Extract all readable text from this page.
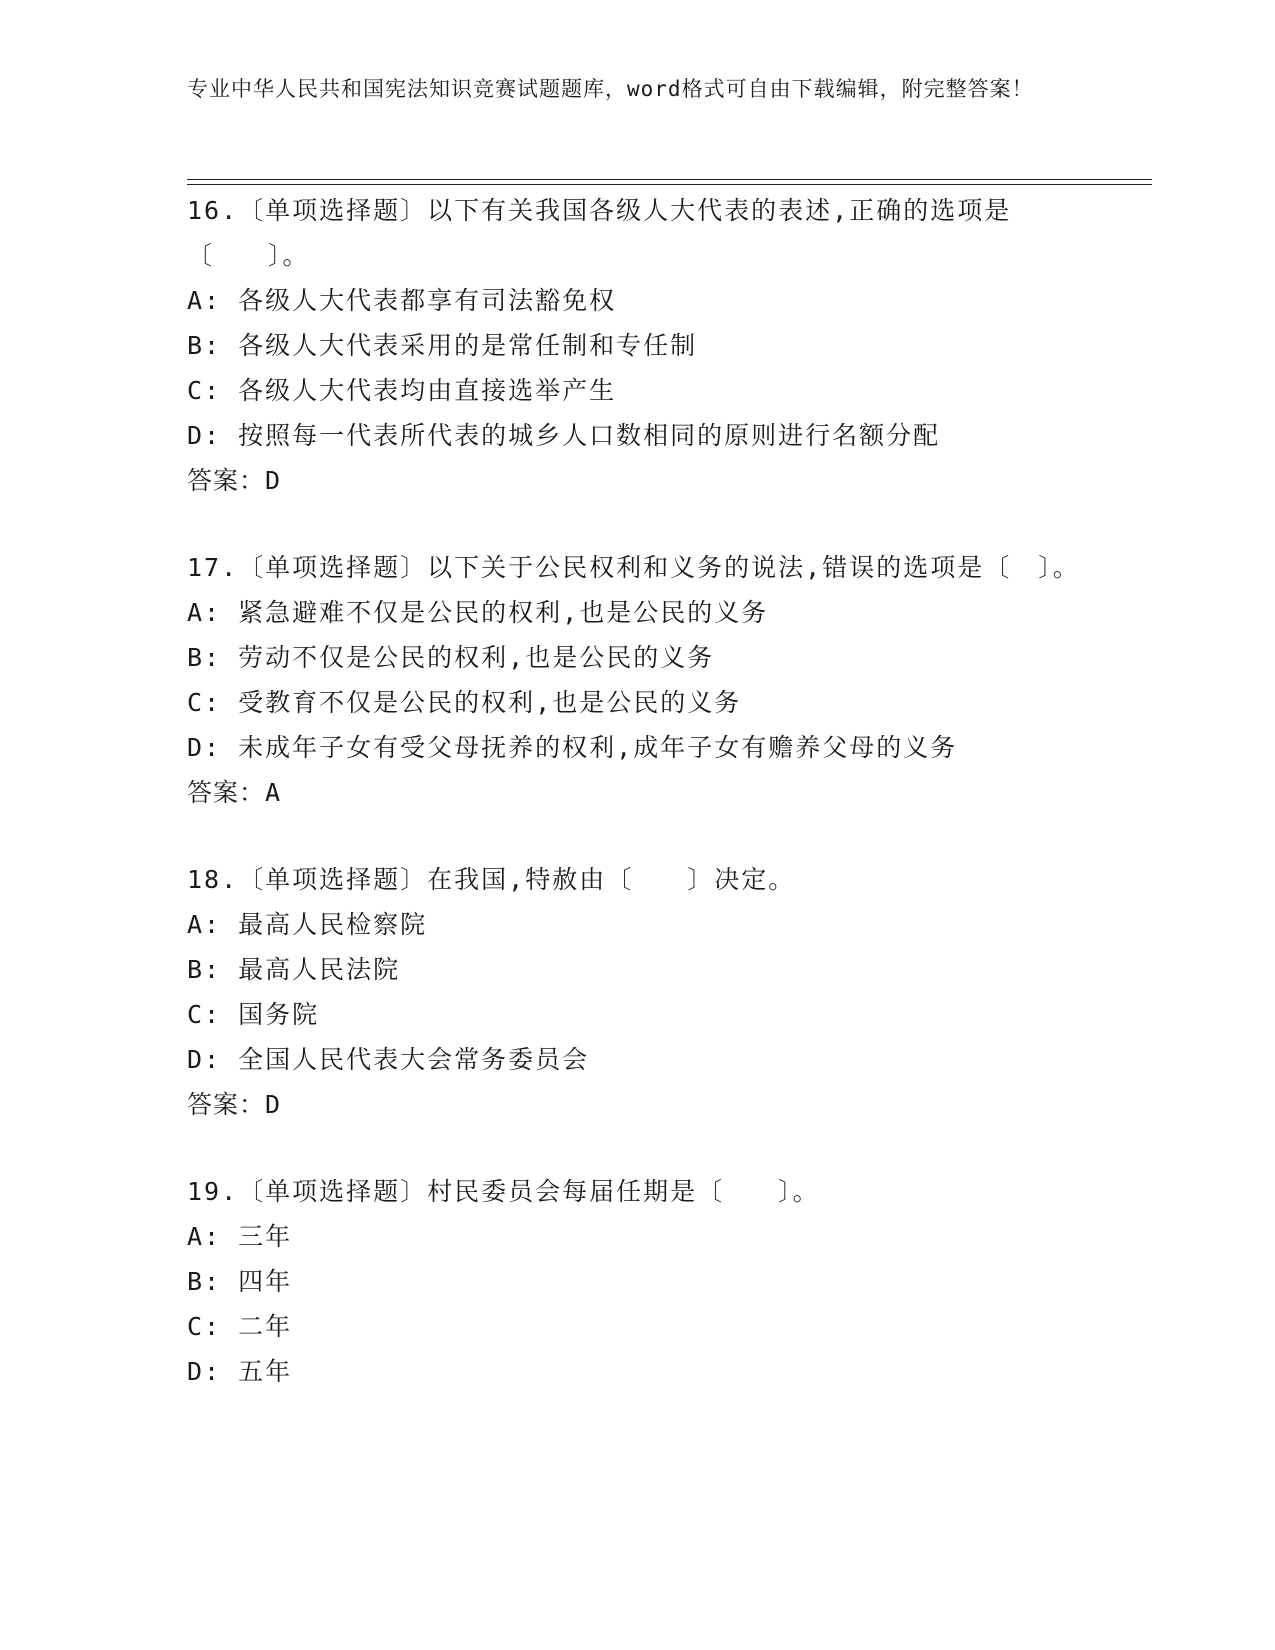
专业中华人民共和国宪法知识竞赛试题题库，word格式可自由下载编辑，附完整答案！
16.〔单项选择题〕以下有关我国各级人大代表的表述,正确的选项是〔　　〕。
A: 各级人大代表都享有司法豁免权
B: 各级人大代表采用的是常任制和专任制
C: 各级人大代表均由直接选举产生
D: 按照每一代表所代表的城乡人口数相同的原则进行名额分配
答案：D
17.〔单项选择题〕以下关于公民权利和义务的说法,错误的选项是〔　〕。
A: 紧急避难不仅是公民的权利,也是公民的义务
B: 劳动不仅是公民的权利,也是公民的义务
C: 受教育不仅是公民的权利,也是公民的义务
D: 未成年子女有受父母抚养的权利,成年子女有赡养父母的义务
答案：A
18.〔单项选择题〕在我国,特赦由〔　　〕决定。
A: 最高人民检察院
B: 最高人民法院
C: 国务院
D: 全国人民代表大会常务委员会
答案：D
19.〔单项选择题〕村民委员会每届任期是〔　　〕。
A: 三年
B: 四年
C: 二年
D: 五年
